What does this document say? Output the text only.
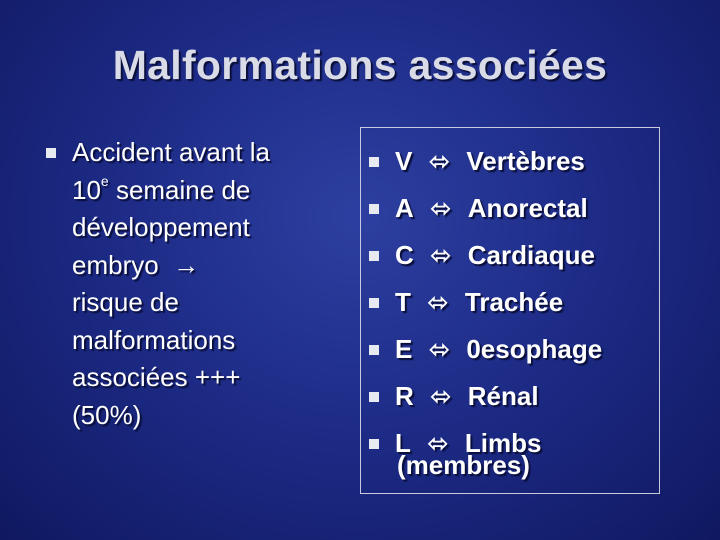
Malformations associées
Accident avant la
10e semaine de
développement
embryo →
risque de
malformations
associées +++
(50%)
V ⬄ Vertèbres
A ⬄ Anorectal
C ⬄ Cardiaque
T ⬄ Trachée
E ⬄ 0esophage
R ⬄ Rénal
L ⬄ Limbs
(membres)
